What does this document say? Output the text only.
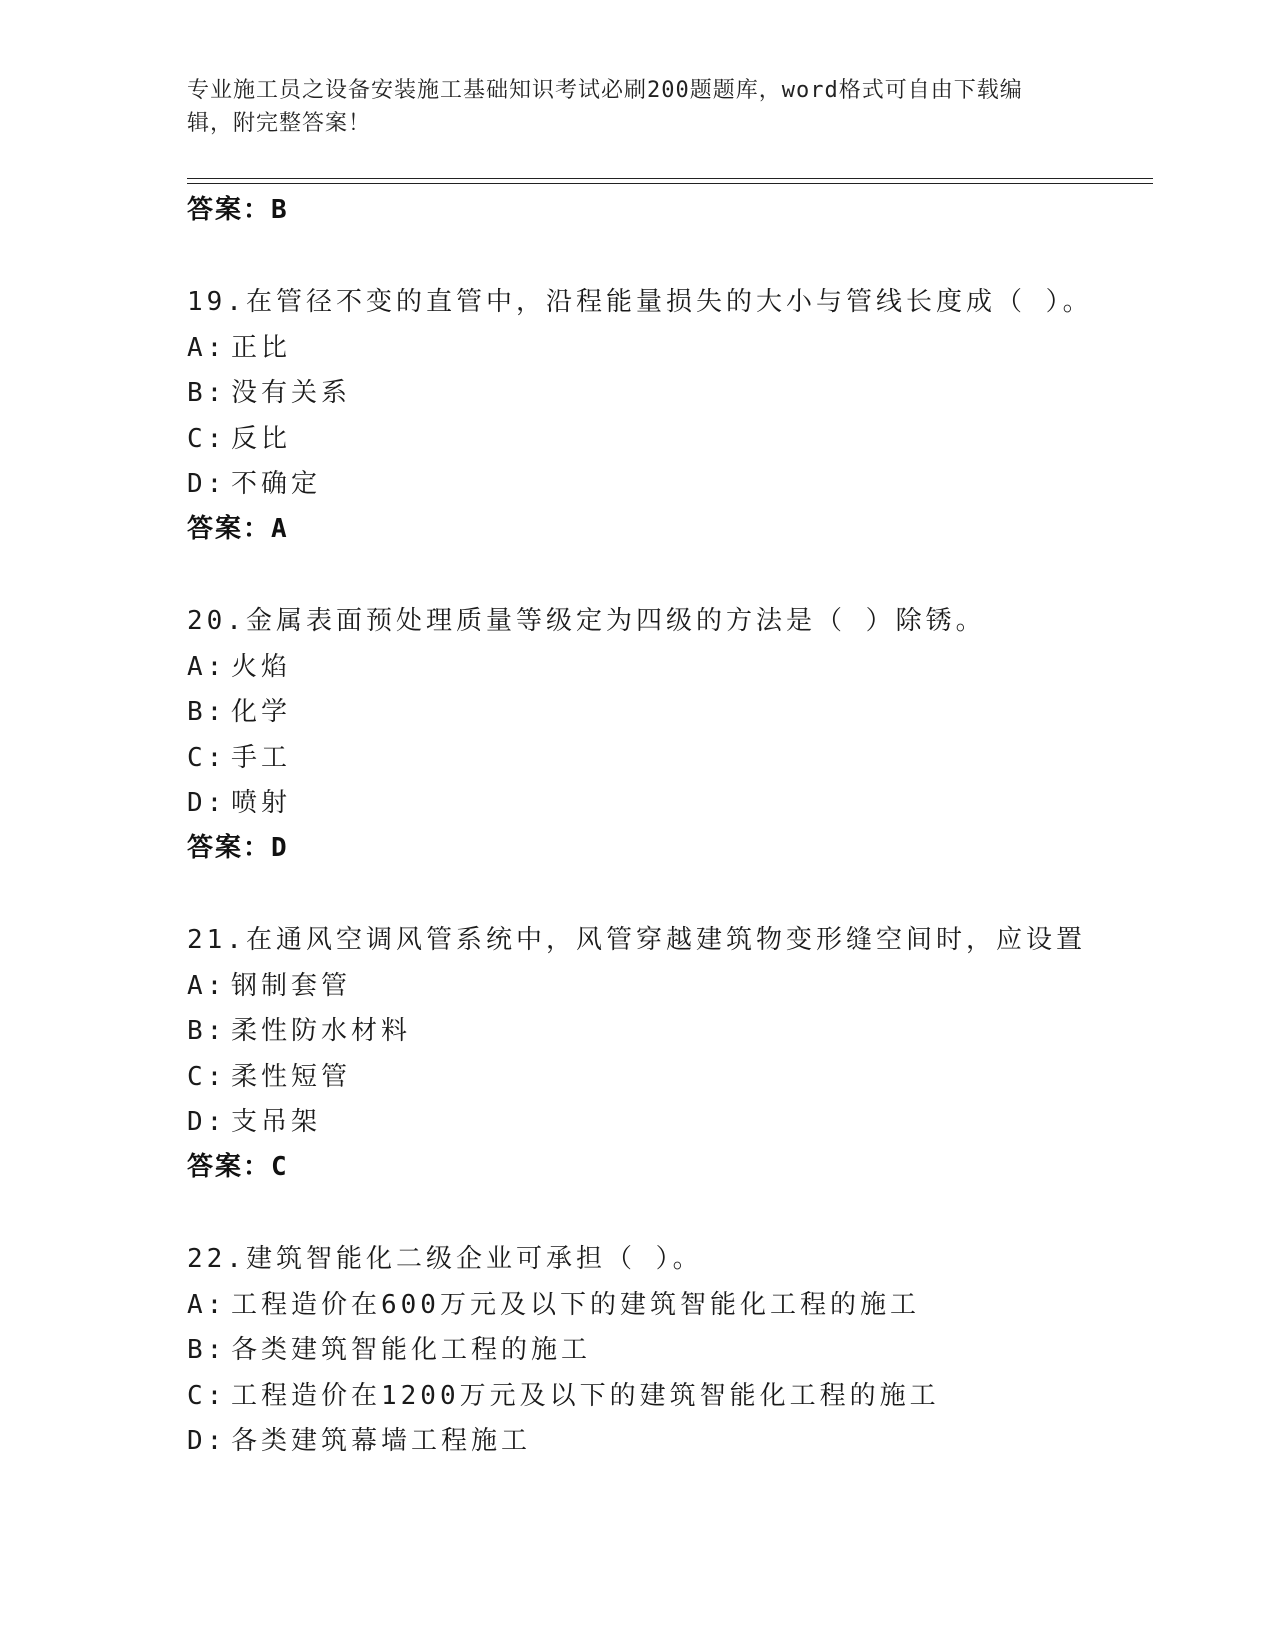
专业施工员之设备安装施工基础知识考试必刷200题题库，word格式可自由下载编辑，附完整答案！
答案：B
19.在管径不变的直管中，沿程能量损失的大小与管线长度成（ ）。
A: 正比
B: 没有关系
C: 反比
D: 不确定
答案：A
20.金属表面预处理质量等级定为四级的方法是（ ）除锈。
A: 火焰
B: 化学
C: 手工
D: 喷射
答案：D
21.在通风空调风管系统中，风管穿越建筑物变形缝空间时，应设置
A: 钢制套管
B: 柔性防水材料
C: 柔性短管
D: 支吊架
答案：C
22.建筑智能化二级企业可承担（ ）。
A: 工程造价在600万元及以下的建筑智能化工程的施工
B: 各类建筑智能化工程的施工
C: 工程造价在1200万元及以下的建筑智能化工程的施工
D: 各类建筑幕墙工程施工
